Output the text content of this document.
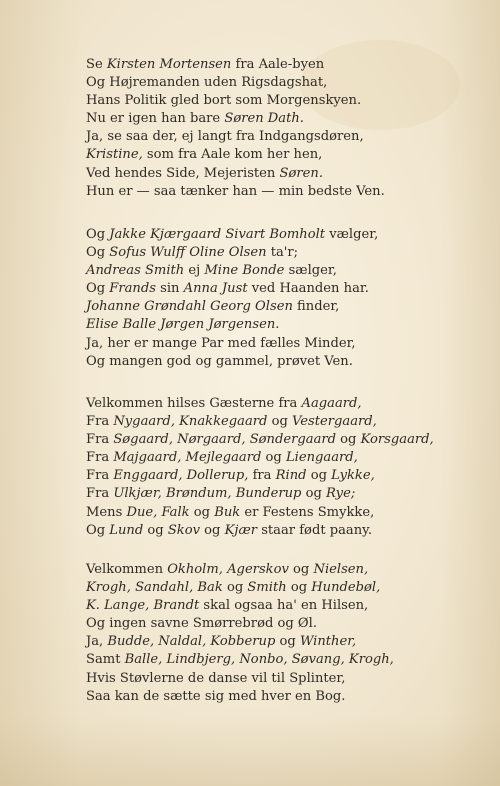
Se Kirsten Mortensen fra Aale-byen
Og Højremanden uden Rigsdagshat,
Hans Politik gled bort som Morgenskyen.
Nu er igen han bare Søren Dath.
Ja, se saa der, ej langt fra Indgangsdøren,
Kristine, som fra Aale kom her hen,
Ved hendes Side, Mejeristen Søren.
Hun er — saa tænker han — min bedste Ven.
Og Jakke Kjærgaard Sivart Bomholt vælger,
Og Sofus Wulff Oline Olsen ta'r;
Andreas Smith ej Mine Bonde sælger,
Og Frands sin Anna Just ved Haanden har.
Johanne Grøndahl Georg Olsen finder,
Elise Balle Jørgen Jørgensen.
Ja, her er mange Par med fælles Minder,
Og mangen god og gammel, prøvet Ven.
Velkommen hilses Gæsterne fra Aagaard,
Fra Nygaard, Knakkegaard og Vestergaard,
Fra Søgaard, Nørgaard, Søndergaard og Korsgaard,
Fra Majgaard, Mejlegaard og Liengaard,
Fra Enggaard, Dollerup, fra Rind og Lykke,
Fra Ulkjær, Brøndum, Bunderup og Rye;
Mens Due, Falk og Buk er Festens Smykke,
Og Lund og Skov og Kjær staar født paany.
Velkommen Okholm, Agerskov og Nielsen,
Krogh, Sandahl, Bak og Smith og Hundebøl,
K. Lange, Brandt skal ogsaa ha' en Hilsen,
Og ingen savne Smørrebrød og Øl.
Ja, Budde, Naldal, Kobberup og Winther,
Samt Balle, Lindbjerg, Nonbo, Søvang, Krogh,
Hvis Støvlerne de danse vil til Splinter,
Saa kan de sætte sig med hver en Bog.
